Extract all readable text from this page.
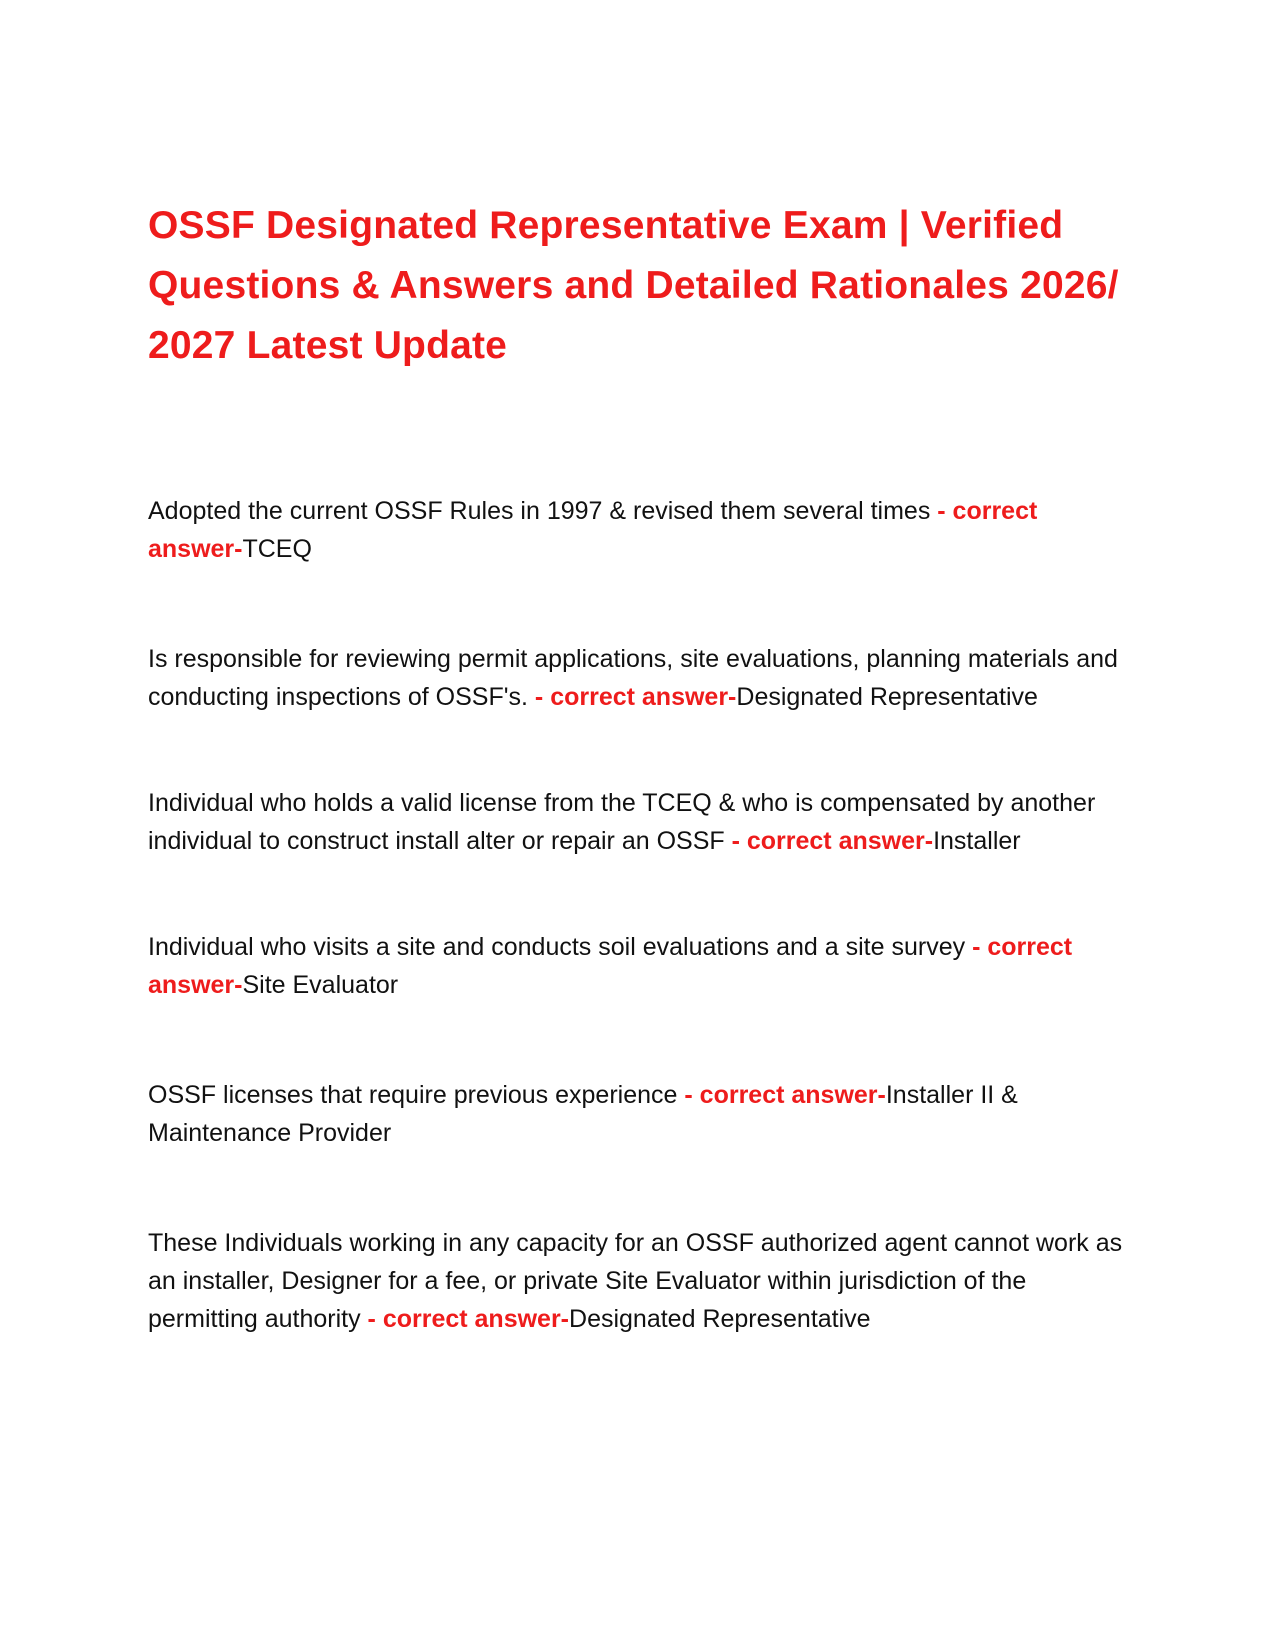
OSSF Designated Representative Exam | Verified Questions & Answers and Detailed Rationales 2026/ 2027 Latest Update

Adopted the current OSSF Rules in 1997 & revised them several times - correct answer-TCEQ

Is responsible for reviewing permit applications, site evaluations, planning materials and conducting inspections of OSSF's. - correct answer-Designated Representative

Individual who holds a valid license from the TCEQ & who is compensated by another individual to construct install alter or repair an OSSF - correct answer-Installer

Individual who visits a site and conducts soil evaluations and a site survey - correct answer-Site Evaluator

OSSF licenses that require previous experience - correct answer-Installer II & Maintenance Provider

These Individuals working in any capacity for an OSSF authorized agent cannot work as an installer, Designer for a fee, or private Site Evaluator within jurisdiction of the permitting authority - correct answer-Designated Representative
